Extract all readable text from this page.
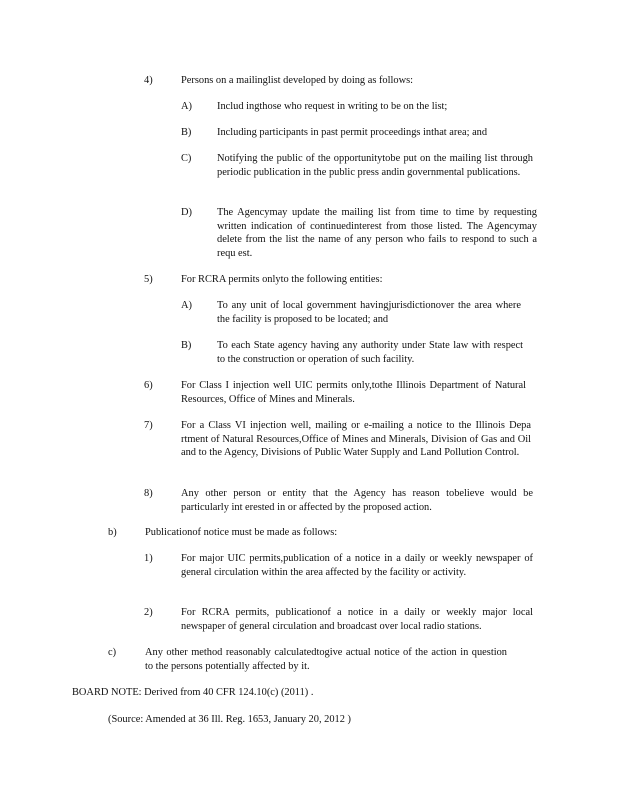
4)	Persons on a mailinglist developed by doing as follows:
A) Includ ingthose who request in writing to be on the list;
B) Including participants in past permit proceedings inthat area; and
C) Notifying the public of the opportunitytobe put on the mailing list through periodic publication in the public press andin governmental publications.
D) The Agencymay update the mailing list from time to time by requesting written indication of continuedinterest from those listed. The Agencymay delete from the list the name of any person who fails to respond to such a requ est.
5)	For RCRA permits onlyto the following entities:
A) To any unit of local government havingjurisdictionover the area where the facility is proposed to be located; and
B) To each State agency having any authority under State law with respect to the construction or operation of such facility.
6)	For Class I injection well UIC permits only,tothe Illinois Department of Natural Resources, Office of Mines and Minerals.
7)	For a Class VI injection well, mailing or e-mailing a notice to the Illinois Depa rtment of Natural Resources,Office of Mines and Minerals, Division of Gas and Oil and to the Agency, Divisions of Public Water Supply and Land Pollution Control.
8)	Any other person or entity that the Agency has reason tobelieve would be particularly int erested in or affected by the proposed action.
b)	Publicationof notice must be made as follows:
1)	For major UIC permits,publication of a notice in a daily or weekly newspaper of general circulation within the area affected by the facility or activity.
2)	For RCRA permits, publicationof a notice in a daily or weekly major local newspaper of general circulation and broadcast over local radio stations.
c)	Any other method reasonably calculatedtogive actual notice of the action in question to the persons potentially affected by it.
BOARD NOTE: Derived from 40 CFR 124.10(c) (2011) .
(Source: Amended at 36 Ill. Reg. 1653, January 20, 2012 )
